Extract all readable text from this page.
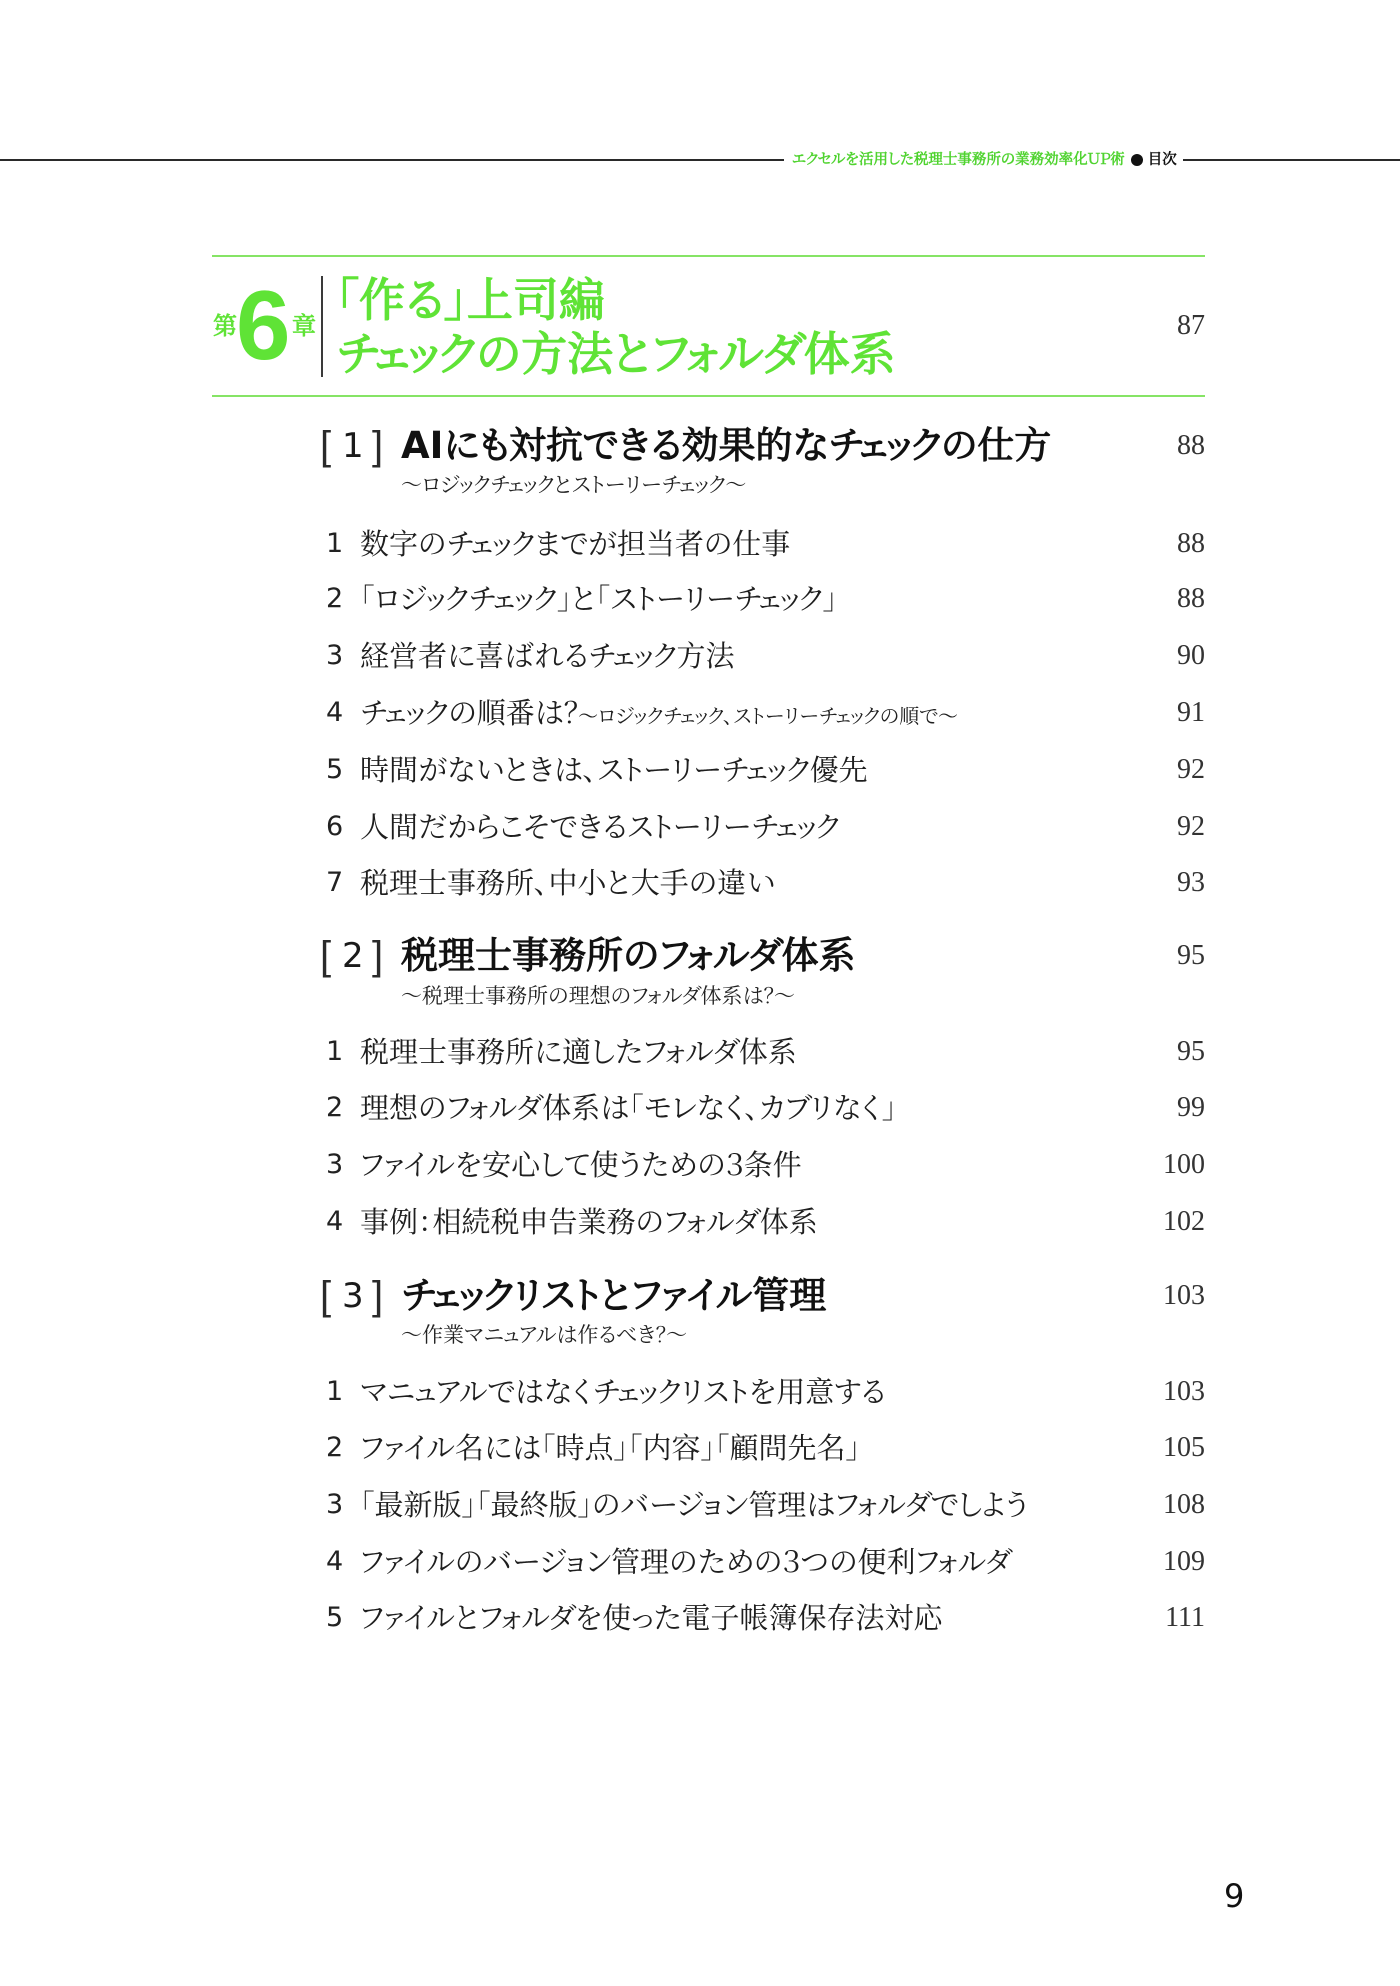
エクセルを活用した税理士事務所の業務効率化ＵＰ術 目次
第 6 章 「作る」上司編
チェックの方法とフォルダ体系
87
[ 1 ] AIにも対抗できる効果的なチェックの仕方	88
〜ロジックチェックとストーリーチェック〜
1 数字のチェックまでが担当者の仕事	88
2 「ロジックチェック」と「ストーリーチェック」	88
3 経営者に喜ばれるチェック方法	90
4 チェックの順番は？〜ロジックチェック、ストーリーチェックの順で〜	91
5 時間がないときは、ストーリーチェック優先	92
6 人間だからこそできるストーリーチェック	92
7 税理士事務所、中小と大手の違い	93
[ 2 ] 税理士事務所のフォルダ体系	95
〜税理士事務所の理想のフォルダ体系は？〜
1 税理士事務所に適したフォルダ体系	95
2 理想のフォルダ体系は「モレなく、カブリなく」	99
3 ファイルを安心して使うための３条件	100
4 事例：相続税申告業務のフォルダ体系	102
[ 3 ] チェックリストとファイル管理	103
〜作業マニュアルは作るべき？〜
1 マニュアルではなくチェックリストを用意する	103
2 ファイル名には「時点」「内容」「顧問先名」	105
3 「最新版」「最終版」のバージョン管理はフォルダでしよう	108
4 ファイルのバージョン管理のための３つの便利フォルダ	109
5 ファイルとフォルダを使った電子帳簿保存法対応	111
9
